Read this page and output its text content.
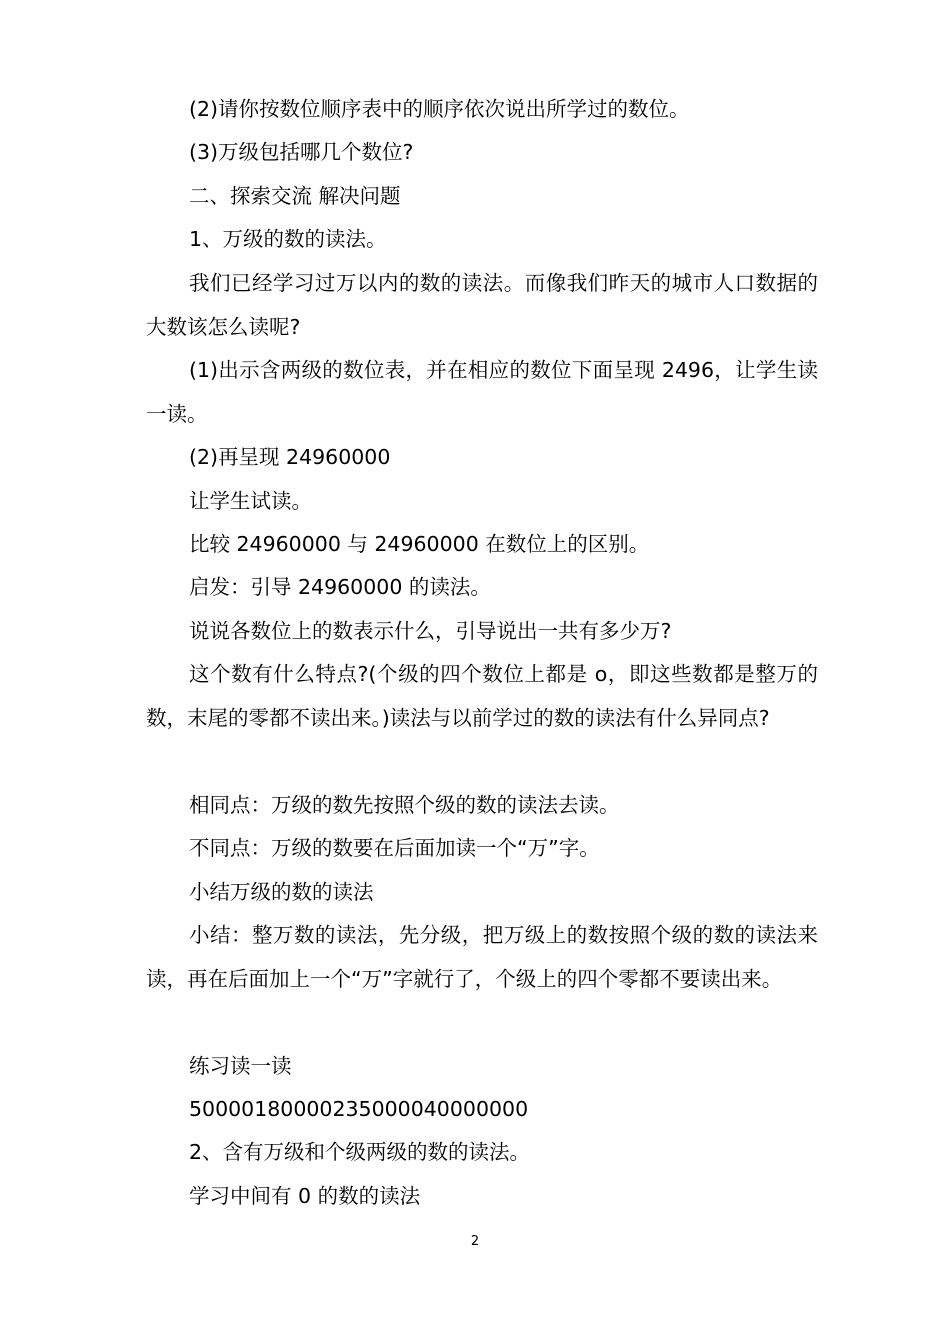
(2)请你按数位顺序表中的顺序依次说出所学过的数位。

(3)万级包括哪几个数位?

二、探索交流 解决问题

1、万级的数的读法。

我们已经学习过万以内的数的读法。而像我们昨天的城市人口数据的大数该怎么读呢?

(1)出示含两级的数位表，并在相应的数位下面呈现 2496，让学生读一读。

(2)再呈现 24960000

让学生试读。

比较 24960000 与 24960000 在数位上的区别。

启发：引导 24960000 的读法。

说说各数位上的数表示什么，引导说出一共有多少万?

这个数有什么特点?(个级的四个数位上都是 o，即这些数都是整万的数，末尾的零都不读出来。)读法与以前学过的数的读法有什么异同点?

相同点：万级的数先按照个级的数的读法去读。

不同点：万级的数要在后面加读一个“万”字。

小结万级的数的读法

小结：整万数的读法，先分级，把万级上的数按照个级的数的读法来读，再在后面加上一个“万”字就行了，个级上的四个零都不要读出来。

练习读一读

5000018000023500004000000​0

2、含有万级和个级两级的数的读法。

学习中间有 0 的数的读法

2
